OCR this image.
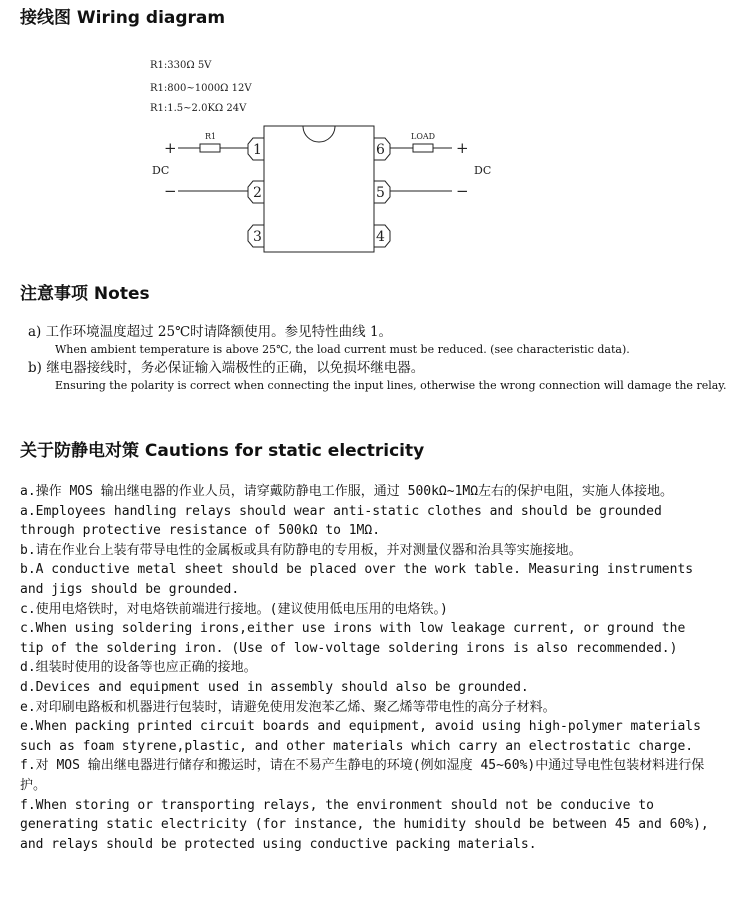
接线图 Wiring diagram
R1:330Ω 5V
R1:800~1000Ω 12V
R1:1.5~2.0KΩ 24V
R1	LOAD
+
−
+
−
DC	DC
1
2
3	4
5
6
注意事项 Notes
a) 工作环境温度超过 25℃时请降额使用。参见特性曲线 1。
When ambient temperature is above 25℃, the load current must be reduced. (see characteristic data).
b) 继电器接线时，务必保证输入端极性的正确，以免损坏继电器。
Ensuring the polarity is correct when connecting the input lines, otherwise the wrong connection will damage the relay.
关于防静电对策 Cautions for static electricity

a.操作 MOS 输出继电器的作业人员，请穿戴防静电工作服，通过 500kΩ~1MΩ左右的保护电阻，实施人体接地。

a.Employees handling relays should wear anti-static clothes and should be grounded through protective resistance of 500kΩ to 1MΩ.

b.请在作业台上装有带导电性的金属板或具有防静电的专用板，并对测量仪器和治具等实施接地。

b.A conductive metal sheet should be placed over the work table. Measuring instruments and jigs should be grounded.

c.使用电烙铁时，对电烙铁前端进行接地。(建议使用低电压用的电烙铁。)

c.When using soldering irons,either use irons with low leakage current, or ground the tip of the soldering iron. (Use of low-voltage soldering irons is also recommended.)

d.组装时使用的设备等也应正确的接地。

d.Devices and equipment used in assembly should also be grounded.

e.对印刷电路板和机器进行包装时，请避免使用发泡苯乙烯、聚乙烯等带电性的高分子材料。

e.When packing printed circuit boards and equipment, avoid using high-polymer materials such as foam styrene,plastic, and other materials which carry an electrostatic charge.

f.对 MOS 输出继电器进行储存和搬运时，请在不易产生静电的环境(例如湿度 45~60%)中通过导电性包装材料进行保护。

f.When storing or transporting relays, the environment should not be conducive to generating static electricity (for instance, the humidity should be between 45 and 60%), and relays should be protected using conductive packing materials.
